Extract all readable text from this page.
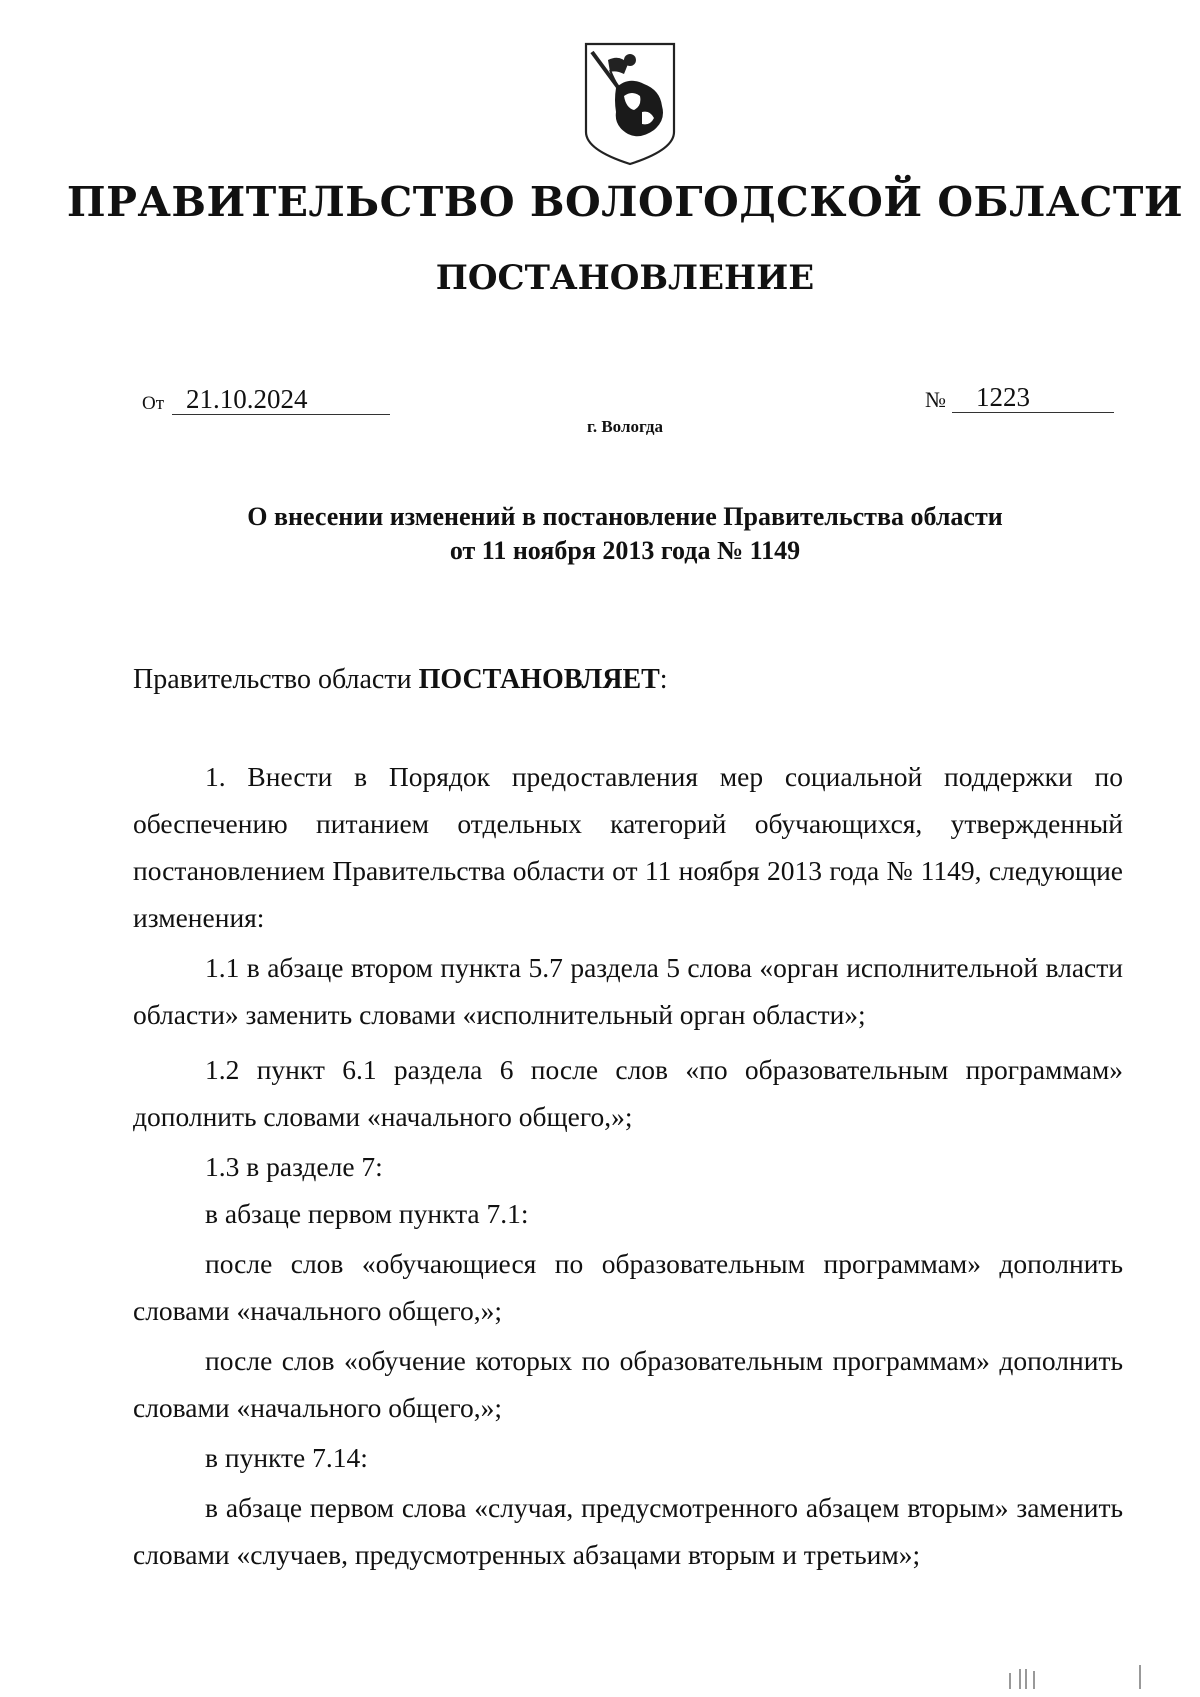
ПРАВИТЕЛЬСТВО ВОЛОГОДСКОЙ ОБЛАСТИ
ПОСТАНОВЛЕНИЕ
От 21.10.2024	№ 1223
г. Вологда
О внесении изменений в постановление Правительства области
от 11 ноября 2013 года № 1149
Правительство области ПОСТАНОВЛЯЕТ:

1. Внести в Порядок предоставления мер социальной поддержки по обеспечению питанием отдельных категорий обучающихся, утвержденный постановлением Правительства области от 11 ноября 2013 года № 1149, следующие изменения:

1.1 в абзаце втором пункта 5.7 раздела 5 слова «орган исполнительной власти области» заменить словами «исполнительный орган области»;

1.2 пункт 6.1 раздела 6 после слов «по образовательным программам» дополнить словами «начального общего,»;

1.3 в разделе 7:

в абзаце первом пункта 7.1:

после слов «обучающиеся по образовательным программам» дополнить словами «начального общего,»;

после слов «обучение которых по образовательным программам» дополнить словами «начального общего,»;

в пункте 7.14:

в абзаце первом слова «случая, предусмотренного абзацем вторым» заменить словами «случаев, предусмотренных абзацами вторым и третьим»;
